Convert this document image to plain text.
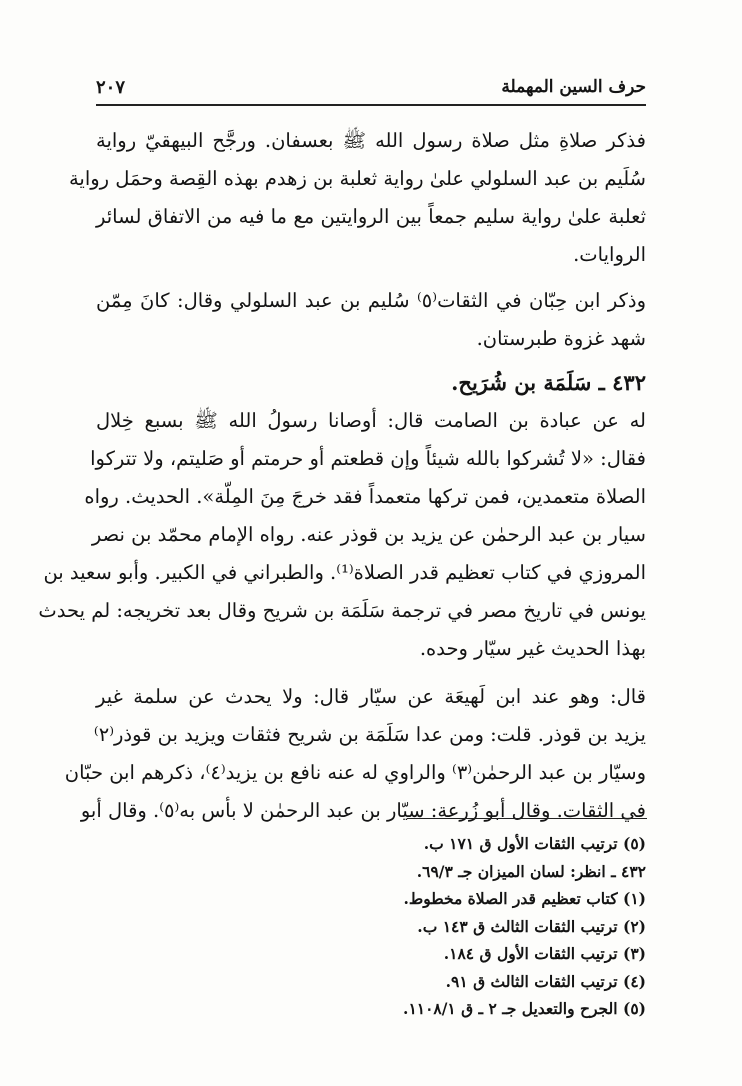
٢٠٧	حرف السين المهملة
فذكر صلاةِ مثل صلاة رسول الله ﷺ بعسفان. ورجَّح البيهقيّ رواية
سُلَيم بن عبد السلولي علىٰ رواية ثعلبة بن زهدم بهذه القِصة وحمَل رواية
ثعلبة علىٰ رواية سليم جمعاً بين الروايتين مع ما فيه من الاتفاق لسائر
الروايات.
وذكر ابن حِبّان في الثقات⁽٥⁾ سُليم بن عبد السلولي وقال: كانَ مِمّن
شهد غزوة طبرستان.
٤٣٢ ـ سَلَمَة بن شُرَيح.
له عن عبادة بن الصامت قال: أوصانا رسولُ الله ﷺ بسبع خِلال
فقال: «لا تُشركوا بالله شيئاً وإن قطعتم أو حرمتم أو صَليتم، ولا تتركوا
الصلاة متعمدين، فمن تركها متعمداً فقد خرجَ مِنَ المِلّة». الحديث. رواه
سيار بن عبد الرحمٰن عن يزيد بن قوذر عنه. رواه الإمام محمّد بن نصر
المروزي في كتاب تعظيم قدر الصلاة⁽¹⁾. والطبراني في الكبير. وأبو سعيد بن
يونس في تاريخ مصر في ترجمة سَلَمَة بن شريح وقال بعد تخريجه: لم يحدث
بهذا الحديث غير سيّار وحده.
قال: وهو عند ابن لَهيعَة عن سيّار قال: ولا يحدث عن سلمة غير
يزيد بن قوذر. قلت: ومن عدا سَلَمَة بن شريح فثقات ويزيد بن قوذر⁽٢⁾
وسيّار بن عبد الرحمٰن⁽٣⁾ والراوي له عنه نافع بن يزيد⁽٤⁾، ذكرهم ابن حبّان
في الثقات. وقال أبو زُرعة: سيّار بن عبد الرحمٰن لا بأس به⁽٥⁾. وقال أبو
(٥) ترتيب الثقات الأول ق ١٧١ ب.
٤٣٢ ـ انظر: لسان الميزان جـ ٦٩/٣.
(١) كتاب تعظيم قدر الصلاة مخطوط.
(٢) ترتيب الثقات الثالث ق ١٤٣ ب.
(٣) ترتيب الثقات الأول ق ١٨٤.
(٤) ترتيب الثقات الثالث ق ٩١.
(٥) الجرح والتعديل جـ ٢ ـ ق ١١٠٨/١.
